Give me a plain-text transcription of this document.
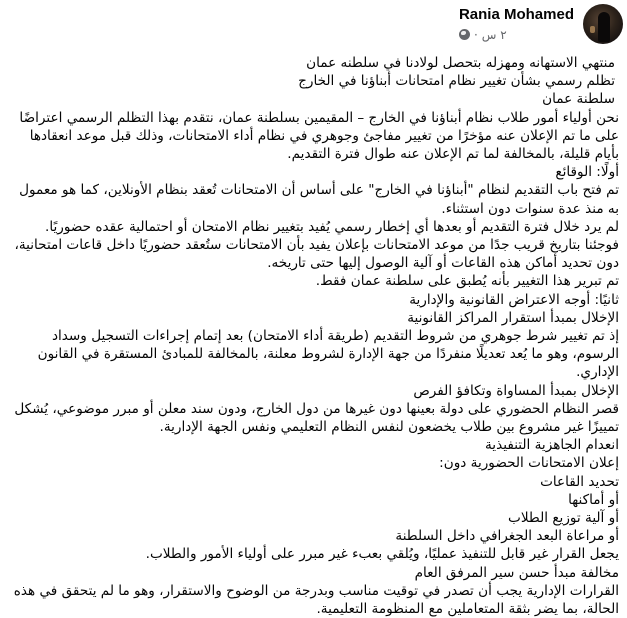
Rania Mohamed
٢ س
·

منتهي الاستهانه ومهزله بتحصل لولادنا في سلطنه عمان

تظلم رسمي بشأن تغيير نظام امتحانات أبناؤنا في الخارج

سلطنة عمان

نحن أولياء أمور طلاب نظام أبناؤنا في الخارج – المقيمين بسلطنة عمان، نتقدم بهذا التظلم الرسمي اعتراضًا على ما تم الإعلان عنه مؤخرًا من تغيير مفاجئ وجوهري في نظام أداء الامتحانات، وذلك قبل موعد انعقادها بأيام قليلة، بالمخالفة لما تم الإعلان عنه طوال فترة التقديم.

أولًا: الوقائع

تم فتح باب التقديم لنظام "أبناؤنا في الخارج" على أساس أن الامتحانات تُعقد بنظام الأونلاين، كما هو معمول به منذ عدة سنوات دون استثناء.

لم يرد خلال فترة التقديم أو بعدها أي إخطار رسمي يُفيد بتغيير نظام الامتحان أو احتمالية عقده حضوريًا.

فوجئنا بتاريخ قريب جدًا من موعد الامتحانات بإعلان يفيد بأن الامتحانات ستُعقد حضوريًا داخل قاعات امتحانية، دون تحديد أماكن هذه القاعات أو آلية الوصول إليها حتى تاريخه.

تم تبرير هذا التغيير بأنه يُطبق على سلطنة عمان فقط.

ثانيًا: أوجه الاعتراض القانونية والإدارية

الإخلال بمبدأ استقرار المراكز القانونية

إذ تم تغيير شرط جوهري من شروط التقديم (طريقة أداء الامتحان) بعد إتمام إجراءات التسجيل وسداد الرسوم، وهو ما يُعد تعديلًا منفردًا من جهة الإدارة لشروط معلنة، بالمخالفة للمبادئ المستقرة في القانون الإداري.

الإخلال بمبدأ المساواة وتكافؤ الفرص

قصر النظام الحضوري على دولة بعينها دون غيرها من دول الخارج، ودون سند معلن أو مبرر موضوعي، يُشكل تمييزًا غير مشروع بين طلاب يخضعون لنفس النظام التعليمي ونفس الجهة الإدارية.

انعدام الجاهزية التنفيذية

إعلان الامتحانات الحضورية دون:

تحديد القاعات

أو أماكنها

أو آلية توزيع الطلاب

أو مراعاة البعد الجغرافي داخل السلطنة

يجعل القرار غير قابل للتنفيذ عمليًا، ويُلقي بعبء غير مبرر على أولياء الأمور والطلاب.

مخالفة مبدأ حسن سير المرفق العام

القرارات الإدارية يجب أن تصدر في توقيت مناسب وبدرجة من الوضوح والاستقرار، وهو ما لم يتحقق في هذه الحالة، بما يضر بثقة المتعاملين مع المنظومة التعليمية.
